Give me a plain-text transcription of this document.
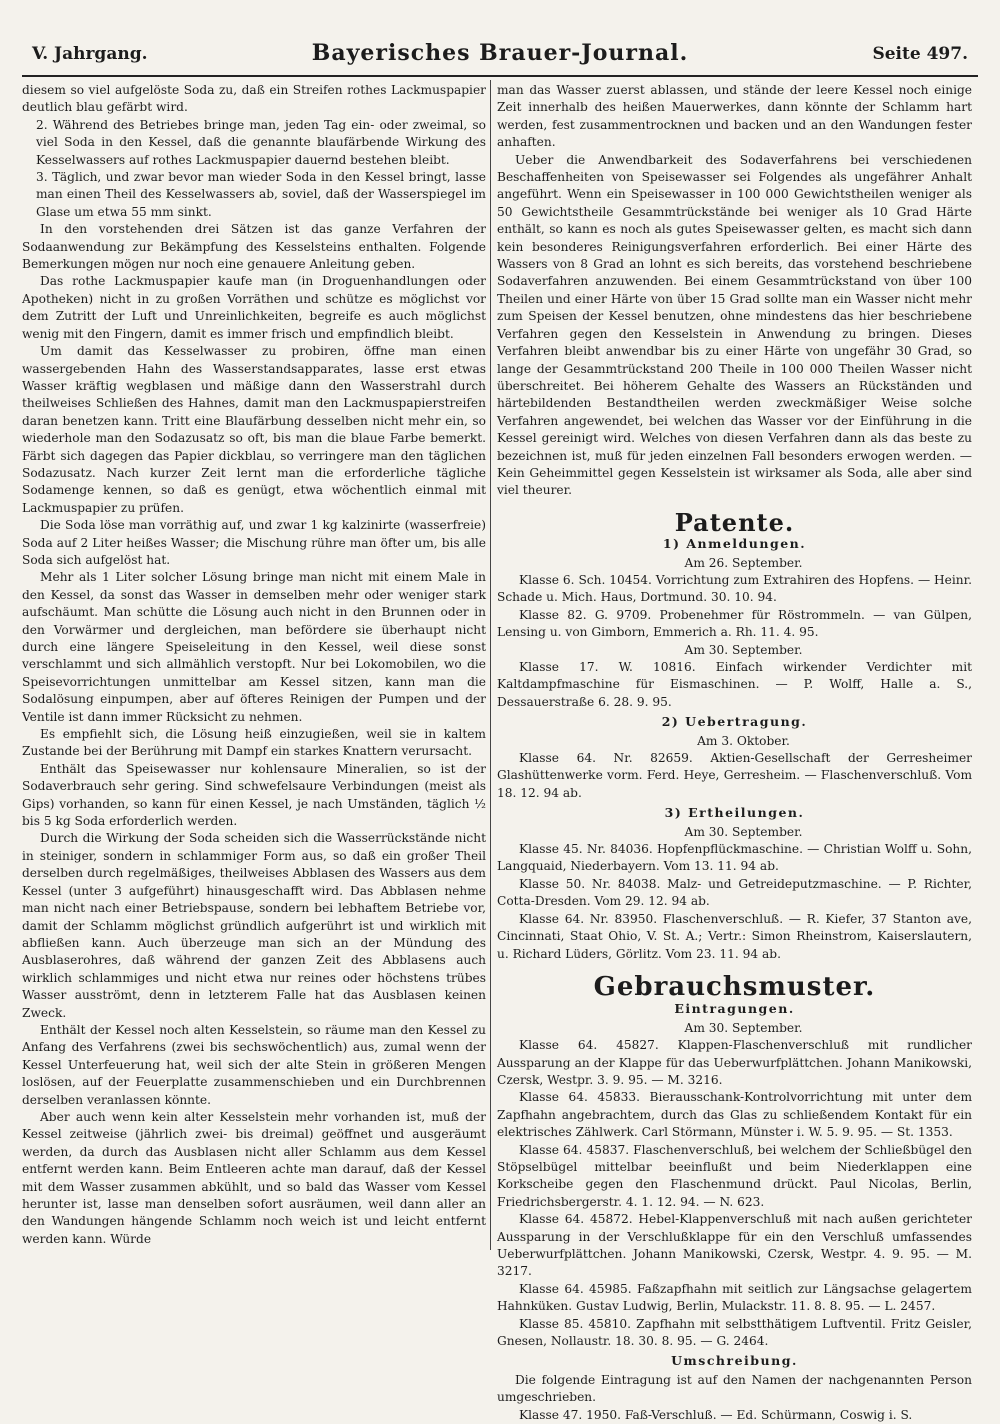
V. Jahrgang.	Bayerisches Brauer-Journal.	Seite 497.

diesem so viel aufgelöste Soda zu, daß ein Streifen rothes Lackmuspapier deutlich blau gefärbt wird.

2. Während des Betriebes bringe man, jeden Tag ein- oder zweimal, so viel Soda in den Kessel, daß die genannte blaufärbende Wirkung des Kesselwassers auf rothes Lackmuspapier dauernd bestehen bleibt.

3. Täglich, und zwar bevor man wieder Soda in den Kessel bringt, lasse man einen Theil des Kesselwassers ab, soviel, daß der Wasserspiegel im Glase um etwa 55 mm sinkt.

In den vorstehenden drei Sätzen ist das ganze Verfahren der Sodaanwendung zur Bekämpfung des Kesselsteins enthalten. Folgende Bemerkungen mögen nur noch eine genauere Anleitung geben.

Das rothe Lackmuspapier kaufe man (in Droguenhandlungen oder Apotheken) nicht in zu großen Vorräthen und schütze es möglichst vor dem Zutritt der Luft und Unreinlichkeiten, begreife es auch möglichst wenig mit den Fingern, damit es immer frisch und empfindlich bleibt.

Um damit das Kesselwasser zu probiren, öffne man einen wassergebenden Hahn des Wasserstandsapparates, lasse erst etwas Wasser kräftig wegblasen und mäßige dann den Wasserstrahl durch theilweises Schließen des Hahnes, damit man den Lackmuspapierstreifen daran benetzen kann. Tritt eine Blaufärbung desselben nicht mehr ein, so wiederhole man den Sodazusatz so oft, bis man die blaue Farbe bemerkt. Färbt sich dagegen das Papier dickblau, so verringere man den täglichen Sodazusatz. Nach kurzer Zeit lernt man die erforderliche tägliche Sodamenge kennen, so daß es genügt, etwa wöchentlich einmal mit Lackmuspapier zu prüfen.

Die Soda löse man vorräthig auf, und zwar 1 kg kalzinirte (wasserfreie) Soda auf 2 Liter heißes Wasser; die Mischung rühre man öfter um, bis alle Soda sich aufgelöst hat.

Mehr als 1 Liter solcher Lösung bringe man nicht mit einem Male in den Kessel, da sonst das Wasser in demselben mehr oder weniger stark aufschäumt. Man schütte die Lösung auch nicht in den Brunnen oder in den Vorwärmer und dergleichen, man befördere sie überhaupt nicht durch eine längere Speiseleitung in den Kessel, weil diese sonst verschlammt und sich allmählich verstopft. Nur bei Lokomobilen, wo die Speisevorrichtungen unmittelbar am Kessel sitzen, kann man die Sodalösung einpumpen, aber auf öfteres Reinigen der Pumpen und der Ventile ist dann immer Rücksicht zu nehmen.

Es empfiehlt sich, die Lösung heiß einzugießen, weil sie in kaltem Zustande bei der Berührung mit Dampf ein starkes Knattern verursacht.

Enthält das Speisewasser nur kohlensaure Mineralien, so ist der Sodaverbrauch sehr gering. Sind schwefelsaure Verbindungen (meist als Gips) vorhanden, so kann für einen Kessel, je nach Umständen, täglich ½ bis 5 kg Soda erforderlich werden.

Durch die Wirkung der Soda scheiden sich die Wasserrückstände nicht in steiniger, sondern in schlammiger Form aus, so daß ein großer Theil derselben durch regelmäßiges, theilweises Abblasen des Wassers aus dem Kessel (unter 3 aufgeführt) hinausgeschafft wird. Das Abblasen nehme man nicht nach einer Betriebspause, sondern bei lebhaftem Betriebe vor, damit der Schlamm möglichst gründlich aufgerührt ist und wirklich mit abfließen kann. Auch überzeuge man sich an der Mündung des Ausblaserohres, daß während der ganzen Zeit des Abblasens auch wirklich schlammiges und nicht etwa nur reines oder höchstens trübes Wasser ausströmt, denn in letzterem Falle hat das Ausblasen keinen Zweck.

Enthält der Kessel noch alten Kesselstein, so räume man den Kessel zu Anfang des Verfahrens (zwei bis sechswöchentlich) aus, zumal wenn der Kessel Unterfeuerung hat, weil sich der alte Stein in größeren Mengen loslösen, auf der Feuerplatte zusammenschieben und ein Durchbrennen derselben veranlassen könnte.

Aber auch wenn kein alter Kesselstein mehr vorhanden ist, muß der Kessel zeitweise (jährlich zwei- bis dreimal) geöffnet und ausgeräumt werden, da durch das Ausblasen nicht aller Schlamm aus dem Kessel entfernt werden kann. Beim Entleeren achte man darauf, daß der Kessel mit dem Wasser zusammen abkühlt, und so bald das Wasser vom Kessel herunter ist, lasse man denselben sofort ausräumen, weil dann aller an den Wandungen hängende Schlamm noch weich ist und leicht entfernt werden kann. Würde

man das Wasser zuerst ablassen, und stände der leere Kessel noch einige Zeit innerhalb des heißen Mauerwerkes, dann könnte der Schlamm hart werden, fest zusammentrocknen und backen und an den Wandungen fester anhaften.

Ueber die Anwendbarkeit des Sodaverfahrens bei verschiedenen Beschaffenheiten von Speisewasser sei Folgendes als ungefährer Anhalt angeführt. Wenn ein Speisewasser in 100 000 Gewichtstheilen weniger als 50 Gewichtstheile Gesammtrückstände bei weniger als 10 Grad Härte enthält, so kann es noch als gutes Speisewasser gelten, es macht sich dann kein besonderes Reinigungsverfahren erforderlich. Bei einer Härte des Wassers von 8 Grad an lohnt es sich bereits, das vorstehend beschriebene Sodaverfahren anzuwenden. Bei einem Gesammtrückstand von über 100 Theilen und einer Härte von über 15 Grad sollte man ein Wasser nicht mehr zum Speisen der Kessel benutzen, ohne mindestens das hier beschriebene Verfahren gegen den Kesselstein in Anwendung zu bringen. Dieses Verfahren bleibt anwendbar bis zu einer Härte von ungefähr 30 Grad, so lange der Gesammtrückstand 200 Theile in 100 000 Theilen Wasser nicht überschreitet. Bei höherem Gehalte des Wassers an Rückständen und härtebildenden Bestandtheilen werden zweckmäßiger Weise solche Verfahren angewendet, bei welchen das Wasser vor der Einführung in die Kessel gereinigt wird. Welches von diesen Verfahren dann als das beste zu bezeichnen ist, muß für jeden einzelnen Fall besonders erwogen werden. — Kein Geheimmittel gegen Kesselstein ist wirksamer als Soda, alle aber sind viel theurer.

Patente.
1) Anmeldungen.

Am 26. September.

Klasse 6. Sch. 10454. Vorrichtung zum Extrahiren des Hopfens. — Heinr. Schade u. Mich. Haus, Dortmund. 30. 10. 94.

Klasse 82. G. 9709. Probenehmer für Röstrommeln. — van Gülpen, Lensing u. von Gimborn, Emmerich a. Rh. 11. 4. 95.

Am 30. September.

Klasse 17. W. 10816. Einfach wirkender Verdichter mit Kaltdampfmaschine für Eismaschinen. — P. Wolff, Halle a. S., Dessauerstraße 6. 28. 9. 95.

2) Uebertragung.

Am 3. Oktober.

Klasse 64. Nr. 82659. Aktien-Gesellschaft der Gerresheimer Glashüttenwerke vorm. Ferd. Heye, Gerresheim. — Flaschenverschluß. Vom 18. 12. 94 ab.

3) Ertheilungen.

Am 30. September.

Klasse 45. Nr. 84036. Hopfenpflückmaschine. — Christian Wolff u. Sohn, Langquaid, Niederbayern. Vom 13. 11. 94 ab.

Klasse 50. Nr. 84038. Malz- und Getreideputzmaschine. — P. Richter, Cotta-Dresden. Vom 29. 12. 94 ab.

Klasse 64. Nr. 83950. Flaschenverschluß. — R. Kiefer, 37 Stanton ave, Cincinnati, Staat Ohio, V. St. A.; Vertr.: Simon Rheinstrom, Kaiserslautern, u. Richard Lüders, Görlitz. Vom 23. 11. 94 ab.

Gebrauchsmuster.
Eintragungen.

Am 30. September.

Klasse 64. 45827. Klappen-Flaschenverschluß mit rundlicher Aussparung an der Klappe für das Ueberwurfplättchen. Johann Manikowski, Czersk, Westpr. 3. 9. 95. — M. 3216.

Klasse 64. 45833. Bierausschank-Kontrolvorrichtung mit unter dem Zapfhahn angebrachtem, durch das Glas zu schließendem Kontakt für ein elektrisches Zählwerk. Carl Störmann, Münster i. W. 5. 9. 95. — St. 1353.

Klasse 64. 45837. Flaschenverschluß, bei welchem der Schließbügel den Stöpselbügel mittelbar beeinflußt und beim Niederklappen eine Korkscheibe gegen den Flaschenmund drückt. Paul Nicolas, Berlin, Friedrichsbergerstr. 4. 1. 12. 94. — N. 623.

Klasse 64. 45872. Hebel-Klappenverschluß mit nach außen gerichteter Aussparung in der Verschlußklappe für ein den Verschluß umfassendes Ueberwurfplättchen. Johann Manikowski, Czersk, Westpr. 4. 9. 95. — M. 3217.

Klasse 64. 45985. Faßzapfhahn mit seitlich zur Längsachse gelagertem Hahnküken. Gustav Ludwig, Berlin, Mulackstr. 11. 8. 8. 95. — L. 2457.

Klasse 85. 45810. Zapfhahn mit selbstthätigem Luftventil. Fritz Geisler, Gnesen, Nollaustr. 18. 30. 8. 95. — G. 2464.

Umschreibung.

Die folgende Eintragung ist auf den Namen der nachgenannten Person umgeschrieben.

Klasse 47. 1950. Faß-Verschluß. — Ed. Schürmann, Coswig i. S.
